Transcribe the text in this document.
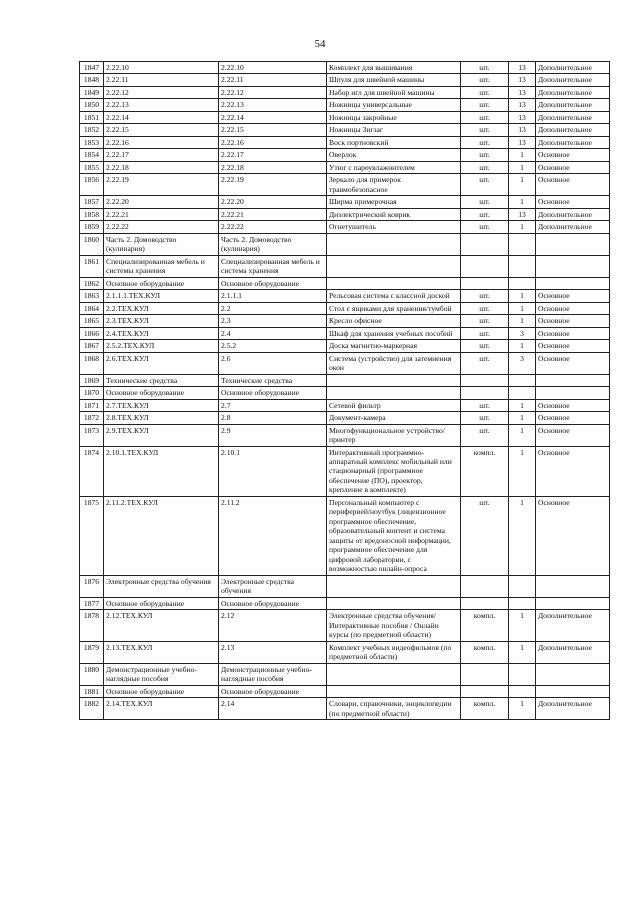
54
1847	2.22.10	2.22.10	Комплект для вышивания	шт.	13	Дополнительное
1848	2.22.11	2.22.11	Шпуля для швейной машины	шт.	13	Дополнительное
1849	2.22.12	2.22.12	Набор игл для швейной машины	шт.	13	Дополнительное
1850	2.22.13	2.22.13	Ножницы универсальные	шт.	13	Дополнительное
1851	2.22.14	2.22.14	Ножницы закройные	шт.	13	Дополнительное
1852	2.22.15	2.22.15	Ножницы Зигзаг	шт.	13	Дополнительное
1853	2.22.16	2.22.16	Воск портновский	шт.	13	Дополнительное
1854	2.22.17	2.22.17	Оверлок	шт.	1	Основное
1855	2.22.18	2.22.18	Утюг с пароувлажнителем	шт.	1	Основное
1856	2.22.19	2.22.19	Зеркало для примерок травмобезопасное	шт.	1	Основное
1857	2.22.20	2.22.20	Ширма примерочная	шт.	1	Основное
1858	2.22.21	2.22.21	Диэлектрический коврик	шт.	13	Дополнительное
1859	2.22.22	2.22.22	Огнетушитель	шт.	1	Дополнительное
1860	Часть 2. Домоводство (кулинария)	Часть 2. Домоводство (кулинария)				
1861	Специализированная мебель и системы хранения	Специализированная мебель и система хранения				
1862	Основное оборудование	Основное оборудование				
1863	2.1.1.1.ТЕХ.КУЛ	2.1.1.1	Рельсовая система с классной доской	шт.	1	Основное
1864	2.2.ТЕХ.КУЛ	2.2	Стол с ящиками для хранения/тумбой	шт.	1	Основное
1865	2.3.ТЕХ.КУЛ	2.3	Кресло офисное	шт.	1	Основное
1866	2.4.ТЕХ.КУЛ	2.4	Шкаф для хранения учебных пособий	шт.	3	Основное
1867	2.5.2.ТЕХ.КУЛ	2.5.2	Доска магнитно-маркерная	шт.	1	Основное
1868	2.6.ТЕХ.КУЛ	2.6	Система (устройство) для затемнения окон	шт.	3	Основное
1869	Технические средства	Технические средства				
1870	Основное оборудование	Основное оборудование				
1871	2.7.ТЕХ.КУЛ	2.7	Сетевой фильтр	шт.	1	Основное
1872	2.8.ТЕХ.КУЛ	2.8	Документ-камера	шт.	1	Основное
1873	2.9.ТЕХ.КУЛ	2.9	Многофункциональное устройство/принтер	шт.	1	Основное
1874	2.10.1.ТЕХ.КУЛ	2.10.1	Интерактивный программно-аппаратный комплекс мобильный или стационарный (программное обеспечение (ПО), проектор, крепление в комплекте)	компл.	1	Основное
1875	2.11.2.ТЕХ.КУЛ	2.11.2	Персональный компьютер с периферией/ноутбук (лицензионное программное обеспечение, образовательный контент и система защиты от вредоносной информации, программное обеспечение для цифровой лаборатории, с возможностью онлайн-опроса	шт.	1	Основное
1876	Электронные средства обучения	Электронные средства обучения				
1877	Основное оборудование	Основное оборудование				
1878	2.12.ТЕХ.КУЛ	2.12	Электронные средства обучения/Интерактивные пособия / Онлайн курсы (по предметной области)	компл.	1	Дополнительное
1879	2.13.ТЕХ.КУЛ	2.13	Комплект учебных видеофильмов (по предметной области)	компл.	1	Дополнительное
1880	Демонстрационные учебно-наглядные пособия	Демонстрационные учебно-наглядные пособия				
1881	Основное оборудование	Основное оборудование				
1882	2.14.ТЕХ.КУЛ	2.14	Словари, справочники, энциклопедии (по предметной области)	компл.	1	Дополнительное
